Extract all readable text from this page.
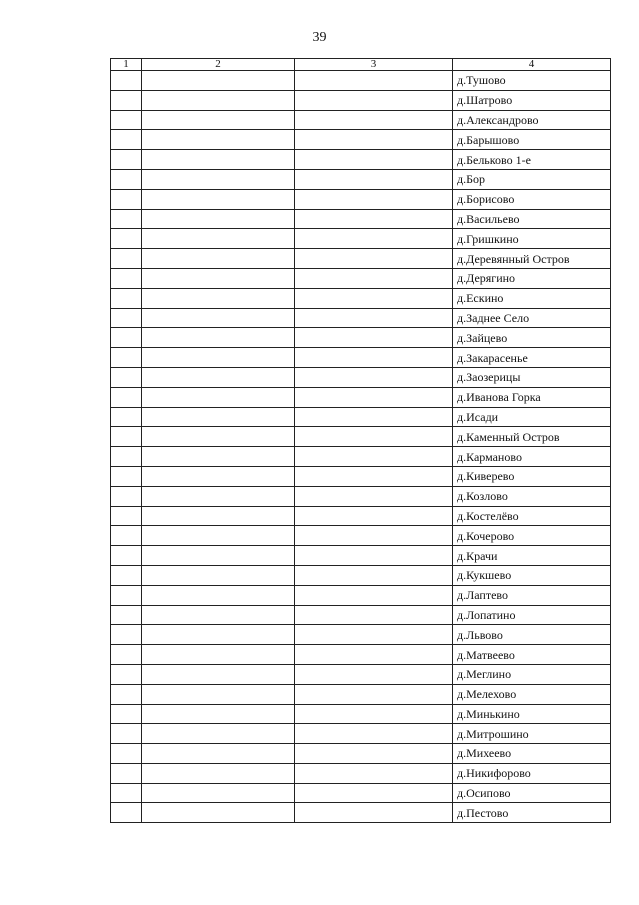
39
1	2	3	4
			д.Тушово
			д.Шатрово
			д.Александрово
			д.Барышово
			д.Бельково 1-е
			д.Бор
			д.Борисово
			д.Васильево
			д.Гришкино
			д.Деревянный Остров
			д.Дерягино
			д.Ескино
			д.Заднее Село
			д.Зайцево
			д.Закарасенье
			д.Заозерицы
			д.Иванова Горка
			д.Исади
			д.Каменный Остров
			д.Карманово
			д.Киверево
			д.Козлово
			д.Костелёво
			д.Кочерово
			д.Крачи
			д.Кукшево
			д.Лаптево
			д.Лопатино
			д.Львово
			д.Матвеево
			д.Меглино
			д.Мелехово
			д.Минькино
			д.Митрошино
			д.Михеево
			д.Никифорово
			д.Осипово
			д.Пестово
